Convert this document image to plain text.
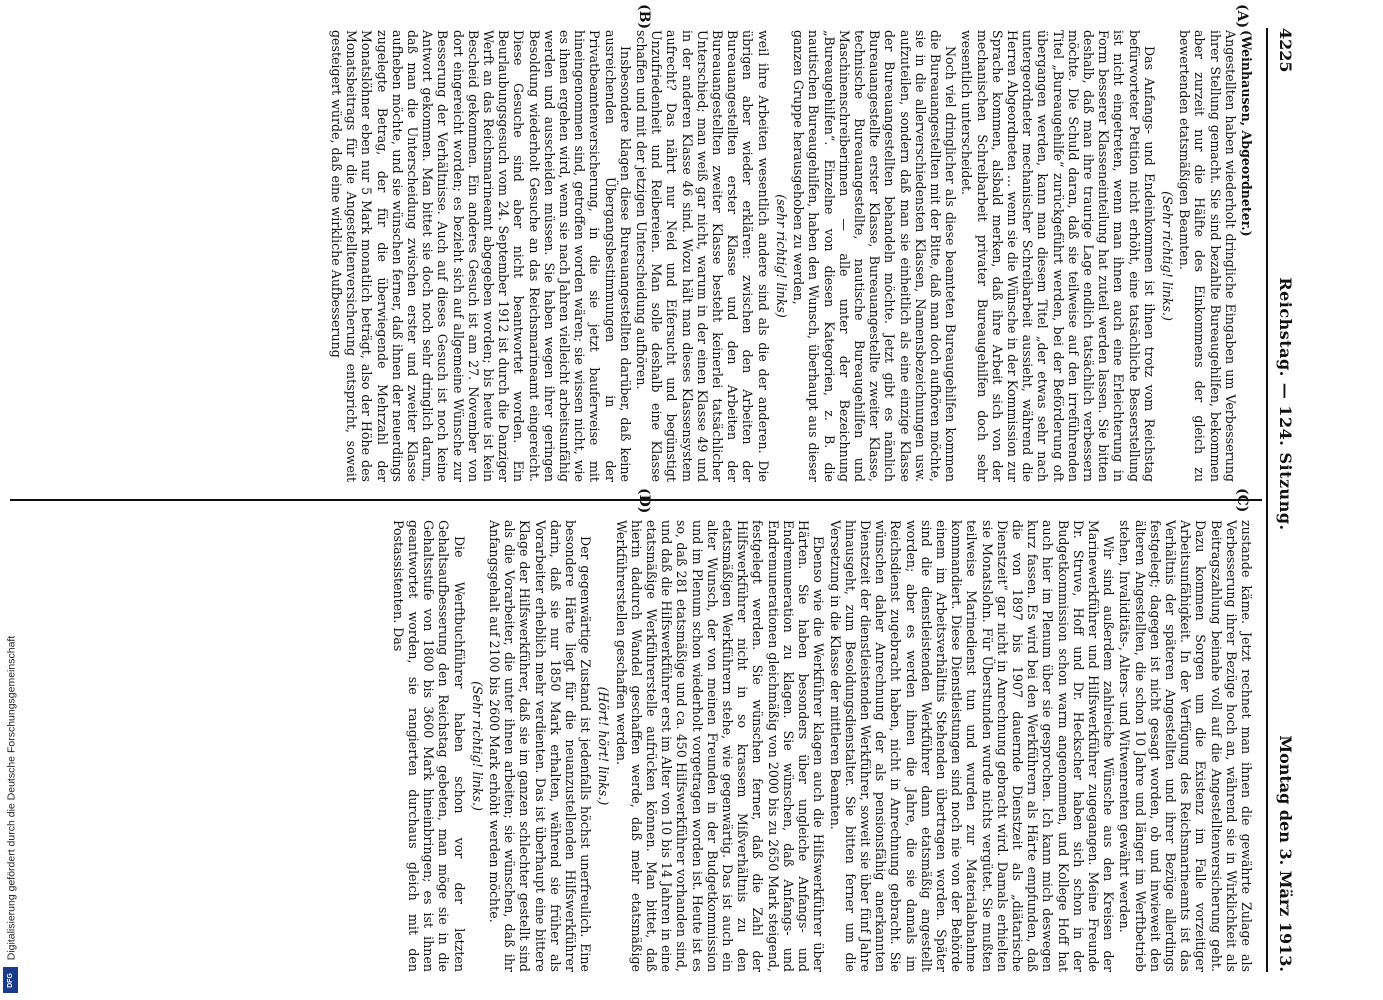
4225
Reichstag. — 124. Sitzung.
Montag den 3. März 1913.
(A)
(B)
(C)
(D)

(Weinhausen, Abgeordneter.)

Angestellten haben wiederholt dringliche Eingaben um Verbesserung ihrer Stellung gemacht. Sie sind bezahlte Bureaugehilfen, bekommen aber zurzeit nur die Hälfte des Einkommens der gleich zu bewertenden etatsmäßigen Beamten.

(Sehr richtig! links.)

Das Anfangs- und Endeinkommen ist ihnen trotz vom Reichstag befürworteter Petition nicht erhöht, eine tatsächliche Besserstellung ist nicht eingetreten, wenn man ihnen auch eine Erleichterung in Form besserer Klasseneinteilung hat zuteil werden lassen. Sie bitten deshalb, daß man ihre traurige Lage endlich tatsächlich verbessern möchte. Die Schuld daran, daß sie teilweise auf den irreführenden Titel „Bureaugehilfe“ zurückgeführt werden, bei der Beförderung oft übergangen werden, kann man diesem Titel „der etwas sehr nach untergeordneter mechanischer Schreibarbeit aussieht, während die Herren Abgeordneten ... wenn sie die Wünsche in der Kommission zur Sprache kommen, alsbald merken, daß ihre Arbeit sich von der mechanischen Schreibarbeit privater Bureaugehilfen doch sehr wesentlich unterscheidet.

Noch viel dringlicher als diese beamteten Bureaugehilfen kommen die Bureauangestellten mit der Bitte, daß man doch aufhören möchte, sie in die allerverschiedensten Klassen, Namensbezeichnungen usw. aufzuteilen, sondern daß man sie einheitlich als eine einzige Klasse der Bureauangestellten behandeln möchte. Jetzt gibt es nämlich Bureauangestellte erster Klasse, Bureauangestellte zweiter Klasse, technische Bureauangestellte, nautische Bureaugehilfen und Maschinenschreiberinnen — alle unter der Bezeichnung „Bureaugehilfen“. Einzelne von diesen Kategorien, z. B. die nautischen Bureaugehilfen, haben den Wunsch, überhaupt aus dieser ganzen Gruppe herausgehoben zu werden,

(sehr richtig! links)

weil ihre Arbeiten wesentlich andere sind als die der anderen. Die übrigen aber wieder erklären: zwischen den Arbeiten der Bureauangestellten erster Klasse und den Arbeiten der Bureauangestellten zweiter Klasse besteht keinerlei tatsächlicher Unterschied; man weiß gar nicht, warum in der einen Klasse 49 und in der anderen Klasse 46 sind. Wozu hält man dieses Klassensystem aufrecht? Das nährt nur Neid und Eifersucht und begünstigt Unzufriedenheit und Reibereien. Man solle deshalb eine Klasse schaffen und mit der jetzigen Unterscheidung aufhören.

Insbesondere klagen diese Bureauangestellten darüber, daß keine ausreichenden Übergangsbestimmungen in der Privatbeamtenversicherung, in die sie jetzt bauferweise mit hineingenommen sind, getroffen worden wären; sie wissen nicht, wie es ihnen ergehen wird, wenn sie nach Jahren vielleicht arbeitsunfähig werden und ausscheiden müssen. Sie haben wegen ihrer geringen Besoldung wiederholt Gesuche an das Reichsmarineamt eingereicht. Diese Gesuche sind aber nicht beantwortet worden. Ein Beurlaubungsgesuch vom 24. September 1912 ist durch die Danziger Werft an das Reichsmarineamt abgegeben worden; bis heute ist kein Bescheid gekommen. Ein anderes Gesuch ist am 27. November von dort eingereicht worden; es bezieht sich auf allgemeine Wünsche zur Besserung der Verhältnisse. Auch auf dieses Gesuch ist noch keine Antwort gekommen. Man bittet sie doch noch sehr dringlich darum, daß man die Unterscheidung zwischen erster und zweiter Klasse aufheben möchte, und sie wünschen ferner, daß ihnen der neuerdings zugelegte Betrag, der für die überwiegende Mehrzahl der Monatslöhner eben nur 5 Mark monatlich beträgt, also der Höhe des Monatsbeitrags für die Angestelltenversicherung entspricht, soweit gesteigert würde, daß eine wirkliche Aufbesserung

zustande käme. Jetzt rechnet man ihnen die gewährte Zulage als Verbesserung ihrer Bezüge hoch an, während sie in Wirklichkeit als Beitragszahlung beinahe voll auf die Angestelltenversicherung geht. Dazu kommen Sorgen um die Existenz im Falle vorzeitiger Arbeitsunfähigkeit. In der Verfügung des Reichsmarineamts ist das Verhältnis der späteren Angestellten und ihrer Bezüge allerdings festgelegt; dagegen ist nicht gesagt worden, ob und inwieweit den älteren Angestellten, die schon 10 Jahre und länger im Werftbetrieb stehen, Invaliditäts-, Alters- und Witwenrenten gewährt werden.

Wir sind außerdem zahlreiche Wünsche aus den Kreisen der Marinewerkführer und Hilfswerkführer zugegangen. Meine Freunde Dr. Struve, Hoff und Dr. Heckscher haben sich schon in der Budgetkommission schon warm angenommen, und Kollege Hoff hat auch hier im Plenum über sie gesprochen. Ich kann mich deswegen kurz fassen. Es wird bei den Werkführern als Härte empfunden, daß die von 1897 bis 1907 dauernde Dienstzeit als „diätarische Dienstzeit“ gar nicht in Anrechnung gebracht wird. Damals erhielten sie Monatslohn. Für Überstunden wurde nichts vergütet. Sie mußten teilweise Marinedienst tun und wurden zur Materialabnahme kommandiert. Diese Dienstleistungen sind noch nie von der Behörde einem im Arbeitsverhältnis Stehenden übertragen worden. Später sind die dienstleistenden Werkführer dann etatsmäßig angestellt worden; aber es werden ihnen die Jahre, die sie damals im Reichsdienst zugebracht haben, nicht in Anrechnung gebracht. Sie wünschen daher Anrechnung der als pensionsfähig anerkannten Dienstzeit der dienstleistenden Werkführer, soweit sie über fünf Jahre hinausgeht, zum Besoldungsdienstalter. Sie bitten ferner um die Versetzung in die Klasse der mittleren Beamten.

Ebenso wie die Werkführer klagen auch die Hilfswerkführer über Härten. Sie haben besonders über ungleiche Anfangs- und Endremuneration zu klagen. Sie wünschen, daß Anfangs- und Endremunerationen gleichmäßig von 2000 bis zu 2650 Mark steigend, festgelegt werden. Sie wünschen ferner, daß die Zahl der Hilfswerkführer nicht in so krassem Mißverhältnis zu den etatsmäßigen Werkführern stehe, wie gegenwärtig. Das ist auch ein alter Wunsch, der von meinen Freunden in der Budgetkommission und im Plenum schon wiederholt vorgetragen worden ist. Heute ist es so, daß 281 etatsmäßige und ca. 450 Hilfswerkführer vorhanden sind, und daß die Hilfswerkführer erst im Alter von 10 bis 14 Jahren in eine etatsmäßige Werkführerstelle aufrücken können. Man bittet, daß hierin dadurch Wandel geschaffen werde, daß mehr etatsmäßige Werkführerstellen geschaffen werden.

(Hört! hört! links.)

Der gegenwärtige Zustand ist jedenfalls höchst unerfreulich. Eine besondere Härte liegt für die neuanzustellenden Hilfswerkführer darin, daß sie nur 1850 Mark erhalten, während sie früher als Vorarbeiter erheblich mehr verdienten. Das ist überhaupt eine bittere Klage der Hilfswerkführer, daß sie im ganzen schlechter gestellt sind als die Vorarbeiter, die unter ihnen arbeiten; sie wünschen, daß ihr Anfangsgehalt auf 2100 bis 2600 Mark erhöht werden möchte.

(Sehr richtig! links.)

Die Werftbuchführer haben schon vor der letzten Gehaltsaufbesserung den Reichstag gebeten, man möge sie in die Gehaltsstufe von 1800 bis 3600 Mark hineinbringen; es ist ihnen geantwortet worden, sie rangierten durchaus gleich mit den Postassistenten. Das

Digitalisierung gefördert durch die Deutsche Forschungsgemeinschaft
DFG
